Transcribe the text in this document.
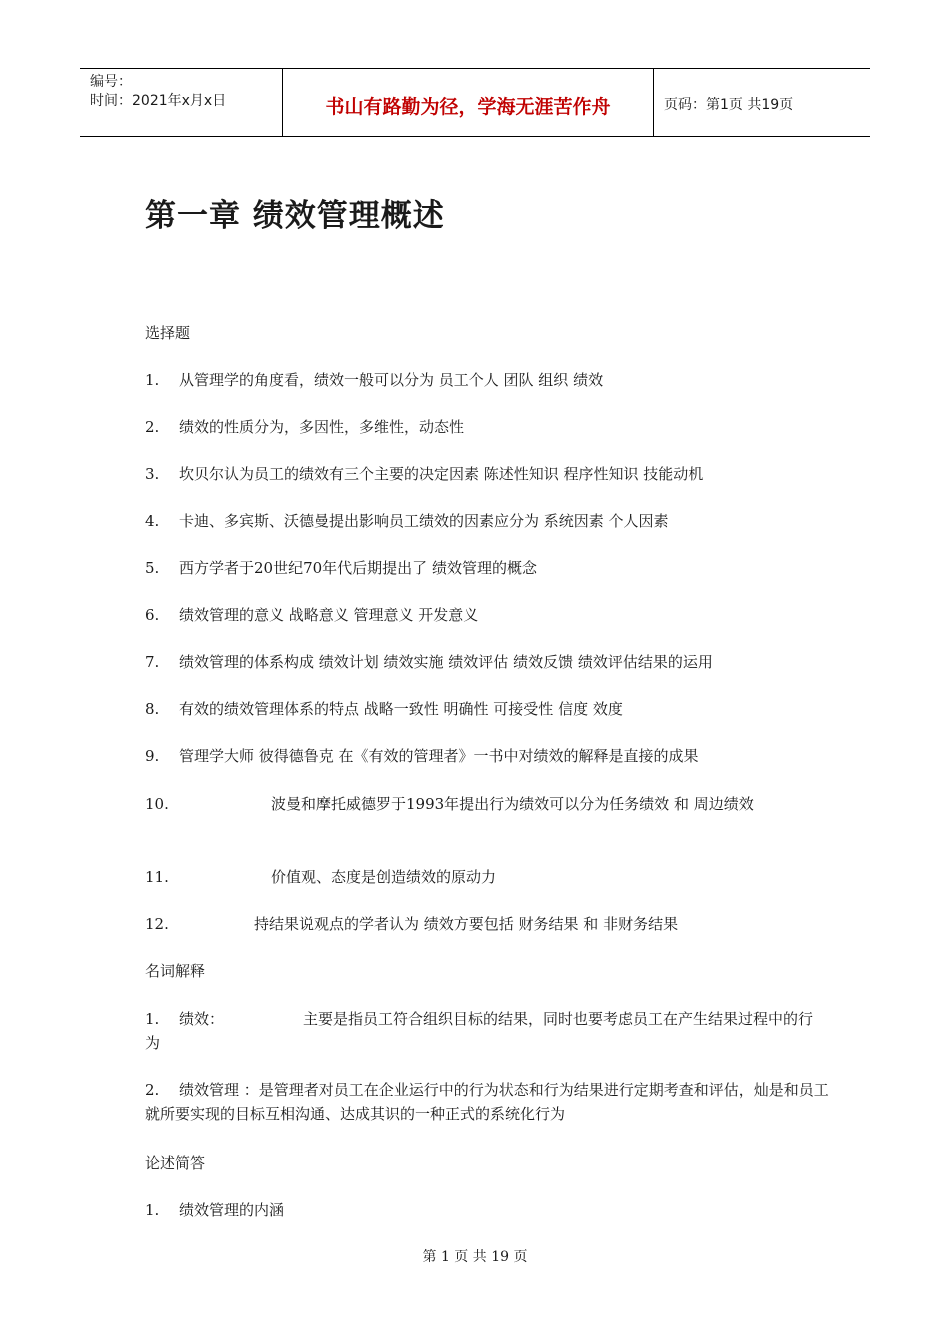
编号：
时间：2021年x月x日	书山有路勤为径，学海无涯苦作舟	页码：第1页 共19页
第一章 绩效管理概述
选择题
1. 从管理学的角度看，绩效一般可以分为 员工个人 团队 组织 绩效
2. 绩效的性质分为，多因性，多维性，动态性
3. 坎贝尔认为员工的绩效有三个主要的决定因素 陈述性知识 程序性知识 技能动机
4. 卡迪、多宾斯、沃德曼提出影响员工绩效的因素应分为 系统因素 个人因素
5. 西方学者于20世纪70年代后期提出了 绩效管理的概念
6. 绩效管理的意义 战略意义 管理意义 开发意义
7. 绩效管理的体系构成 绩效计划 绩效实施 绩效评估 绩效反馈 绩效评估结果的运用
8. 有效的绩效管理体系的特点 战略一致性 明确性 可接受性 信度 效度
9. 管理学大师 彼得德鲁克 在《有效的管理者》一书中对绩效的解释是直接的成果
10.	波曼和摩托威德罗于1993年提出行为绩效可以分为任务绩效 和 周边绩效
11.	价值观、态度是创造绩效的原动力
12.	持结果说观点的学者认为 绩效方要包括 财务结果 和 非财务结果
名词解释
1. 绩效：	主要是指员工符合组织目标的结果，同时也要考虑员工在产生结果过程中的行为
2. 绩效管理 ：是管理者对员工在企业运行中的行为状态和行为结果进行定期考查和评估，灿是和员工就所要实现的目标互相沟通、达成其识的一种正式的系统化行为
论述简答
1. 绩效管理的内涵
第 1 页 共 19 页
